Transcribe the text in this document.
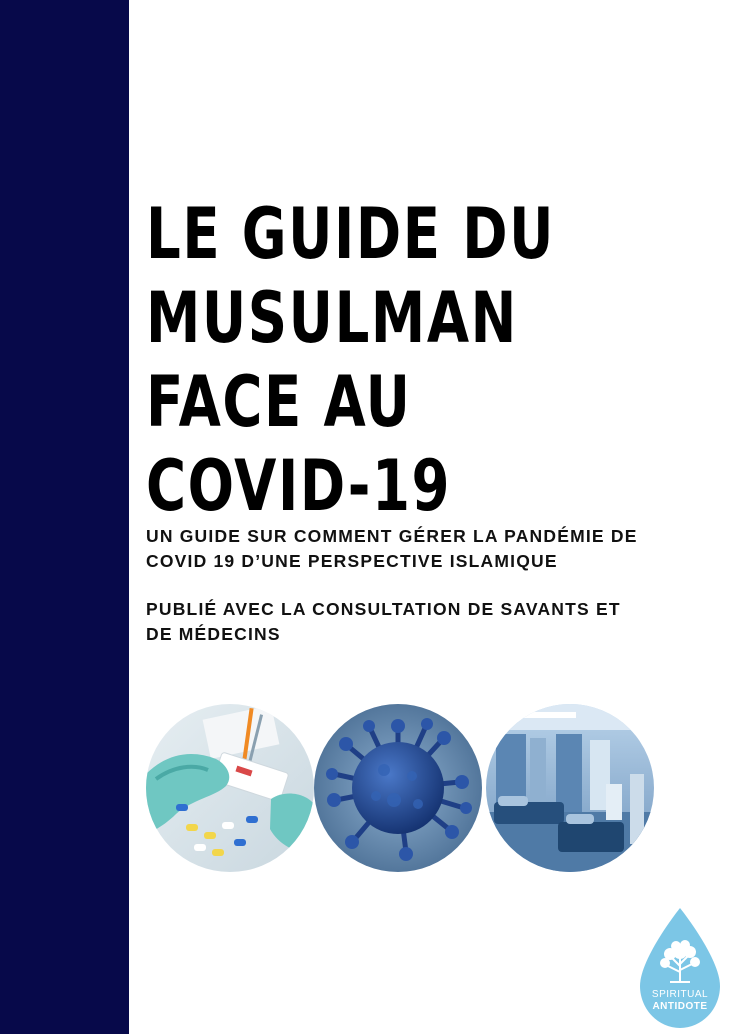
LE GUIDE DU
MUSULMAN
FACE AU
COVID-19

UN GUIDE SUR COMMENT GÉRER LA PANDÉMIE DE
COVID 19 D’UNE PERSPECTIVE ISLAMIQUE

PUBLIÉ AVEC LA CONSULTATION DE SAVANTS ET
DE MÉDECINS

SPIRITUAL
ANTIDOTE
